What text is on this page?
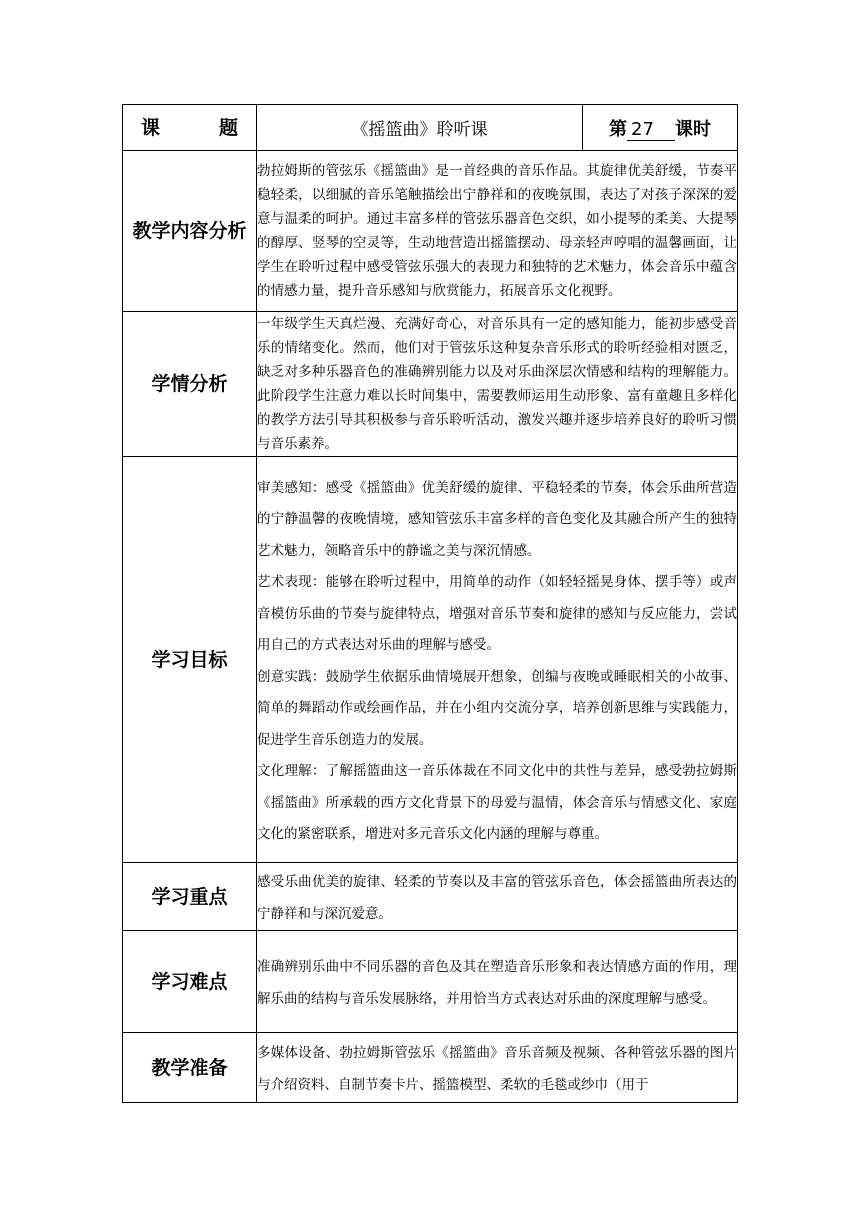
课 题	《摇篮曲》聆听课	第 27 课时
教学内容分析	勃拉姆斯的管弦乐《摇篮曲》是一首经典的音乐作品。其旋律优美舒缓，节奏平稳轻柔，以细腻的音乐笔触描绘出宁静祥和的夜晚氛围，表达了对孩子深深的爱意与温柔的呵护。通过丰富多样的管弦乐器音色交织，如小提琴的柔美、大提琴的醇厚、竖琴的空灵等，生动地营造出摇篮摆动、母亲轻声哼唱的温馨画面，让学生在聆听过程中感受管弦乐强大的表现力和独特的艺术魅力，体会音乐中蕴含的情感力量，提升音乐感知与欣赏能力，拓展音乐文化视野。	
学情分析	一年级学生天真烂漫、充满好奇心，对音乐具有一定的感知能力，能初步感受音乐的情绪变化。然而，他们对于管弦乐这种复杂音乐形式的聆听经验相对匮乏，缺乏对多种乐器音色的准确辨别能力以及对乐曲深层次情感和结构的理解能力。此阶段学生注意力难以长时间集中，需要教师运用生动形象、富有童趣且多样化的教学方法引导其积极参与音乐聆听活动，激发兴趣并逐步培养良好的聆听习惯与音乐素养。	
学习目标	审美感知：感受《摇篮曲》优美舒缓的旋律、平稳轻柔的节奏，体会乐曲所营造的宁静温馨的夜晚情境，感知管弦乐丰富多样的音色变化及其融合所产生的独特艺术魅力，领略音乐中的静谧之美与深沉情感。

艺术表现：能够在聆听过程中，用简单的动作（如轻轻摇晃身体、摆手等）或声音模仿乐曲的节奏与旋律特点，增强对音乐节奏和旋律的感知与反应能力，尝试用自己的方式表达对乐曲的理解与感受。

创意实践：鼓励学生依据乐曲情境展开想象，创编与夜晚或睡眠相关的小故事、简单的舞蹈动作或绘画作品，并在小组内交流分享，培养创新思维与实践能力，促进学生音乐创造力的发展。

文化理解：了解摇篮曲这一音乐体裁在不同文化中的共性与差异，感受勃拉姆斯《摇篮曲》所承载的西方文化背景下的母爱与温情，体会音乐与情感文化、家庭文化的紧密联系，增进对多元音乐文化内涵的理解与尊重。	

学习重点	感受乐曲优美的旋律、轻柔的节奏以及丰富的管弦乐音色，体会摇篮曲所表达的宁静祥和与深沉爱意。	
学习难点	准确辨别乐曲中不同乐器的音色及其在塑造音乐形象和表达情感方面的作用，理解乐曲的结构与音乐发展脉络，并用恰当方式表达对乐曲的深度理解与感受。	
教学准备	多媒体设备、勃拉姆斯管弦乐《摇篮曲》音乐音频及视频、各种管弦乐器的图片与介绍资料、自制节奏卡片、摇篮模型、柔软的毛毯或纱巾（用于	
